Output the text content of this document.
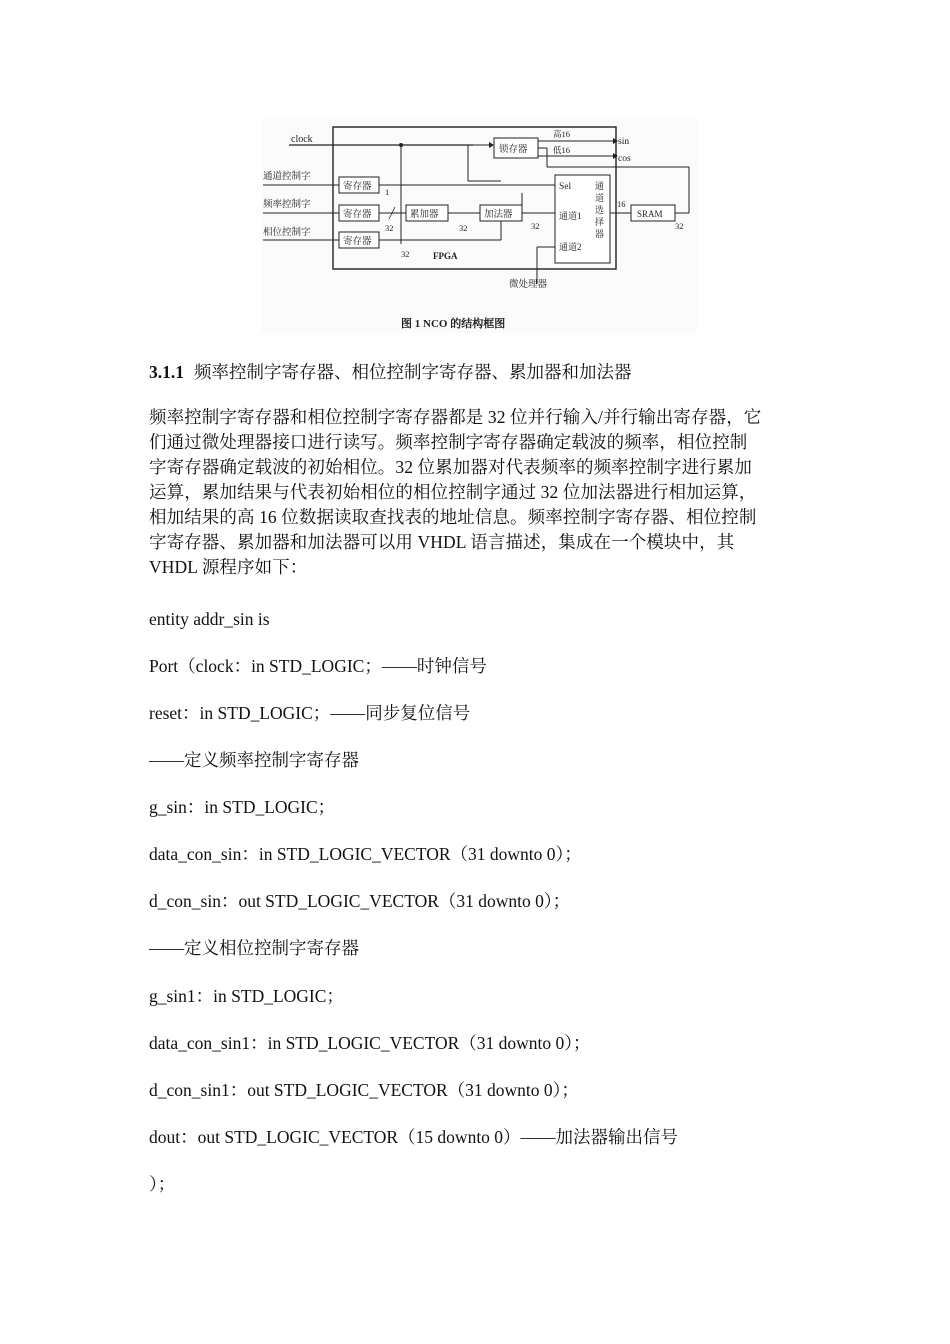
clock
通道控制字
频率控制字
相位控制字
寄存器
寄存器
寄存器
累加器
32
加法器
32
32
Sel
通道1
通道2
通
道
选
择
器
32
1
锁存器
高16
低16
sin
cos
SRAM
16
32
FPGA
微处理器
图 1 NCO 的结构框图
3.1.1 频率控制字寄存器、相位控制字寄存器、累加器和加法器
频率控制字寄存器和相位控制字寄存器都是 32 位并行输入/并行输出寄存器，它
们通过微处理器接口进行读写。频率控制字寄存器确定载波的频率，相位控制
字寄存器确定载波的初始相位。32 位累加器对代表频率的频率控制字进行累加
运算，累加结果与代表初始相位的相位控制字通过 32 位加法器进行相加运算，
相加结果的高 16 位数据读取查找表的地址信息。频率控制字寄存器、相位控制
字寄存器、累加器和加法器可以用 VHDL 语言描述，集成在一个模块中，其
VHDL 源程序如下：
entity addr_sin is
Port（clock：in STD_LOGIC；——时钟信号
reset：in STD_LOGIC；——同步复位信号
——定义频率控制字寄存器
g_sin：in STD_LOGIC；
data_con_sin：in STD_LOGIC_VECTOR（31 downto 0）；
d_con_sin：out STD_LOGIC_VECTOR（31 downto 0）；
——定义相位控制字寄存器
g_sin1：in STD_LOGIC；
data_con_sin1：in STD_LOGIC_VECTOR（31 downto 0）；
d_con_sin1：out STD_LOGIC_VECTOR（31 downto 0）；
dout：out STD_LOGIC_VECTOR（15 downto 0）——加法器输出信号
）；
